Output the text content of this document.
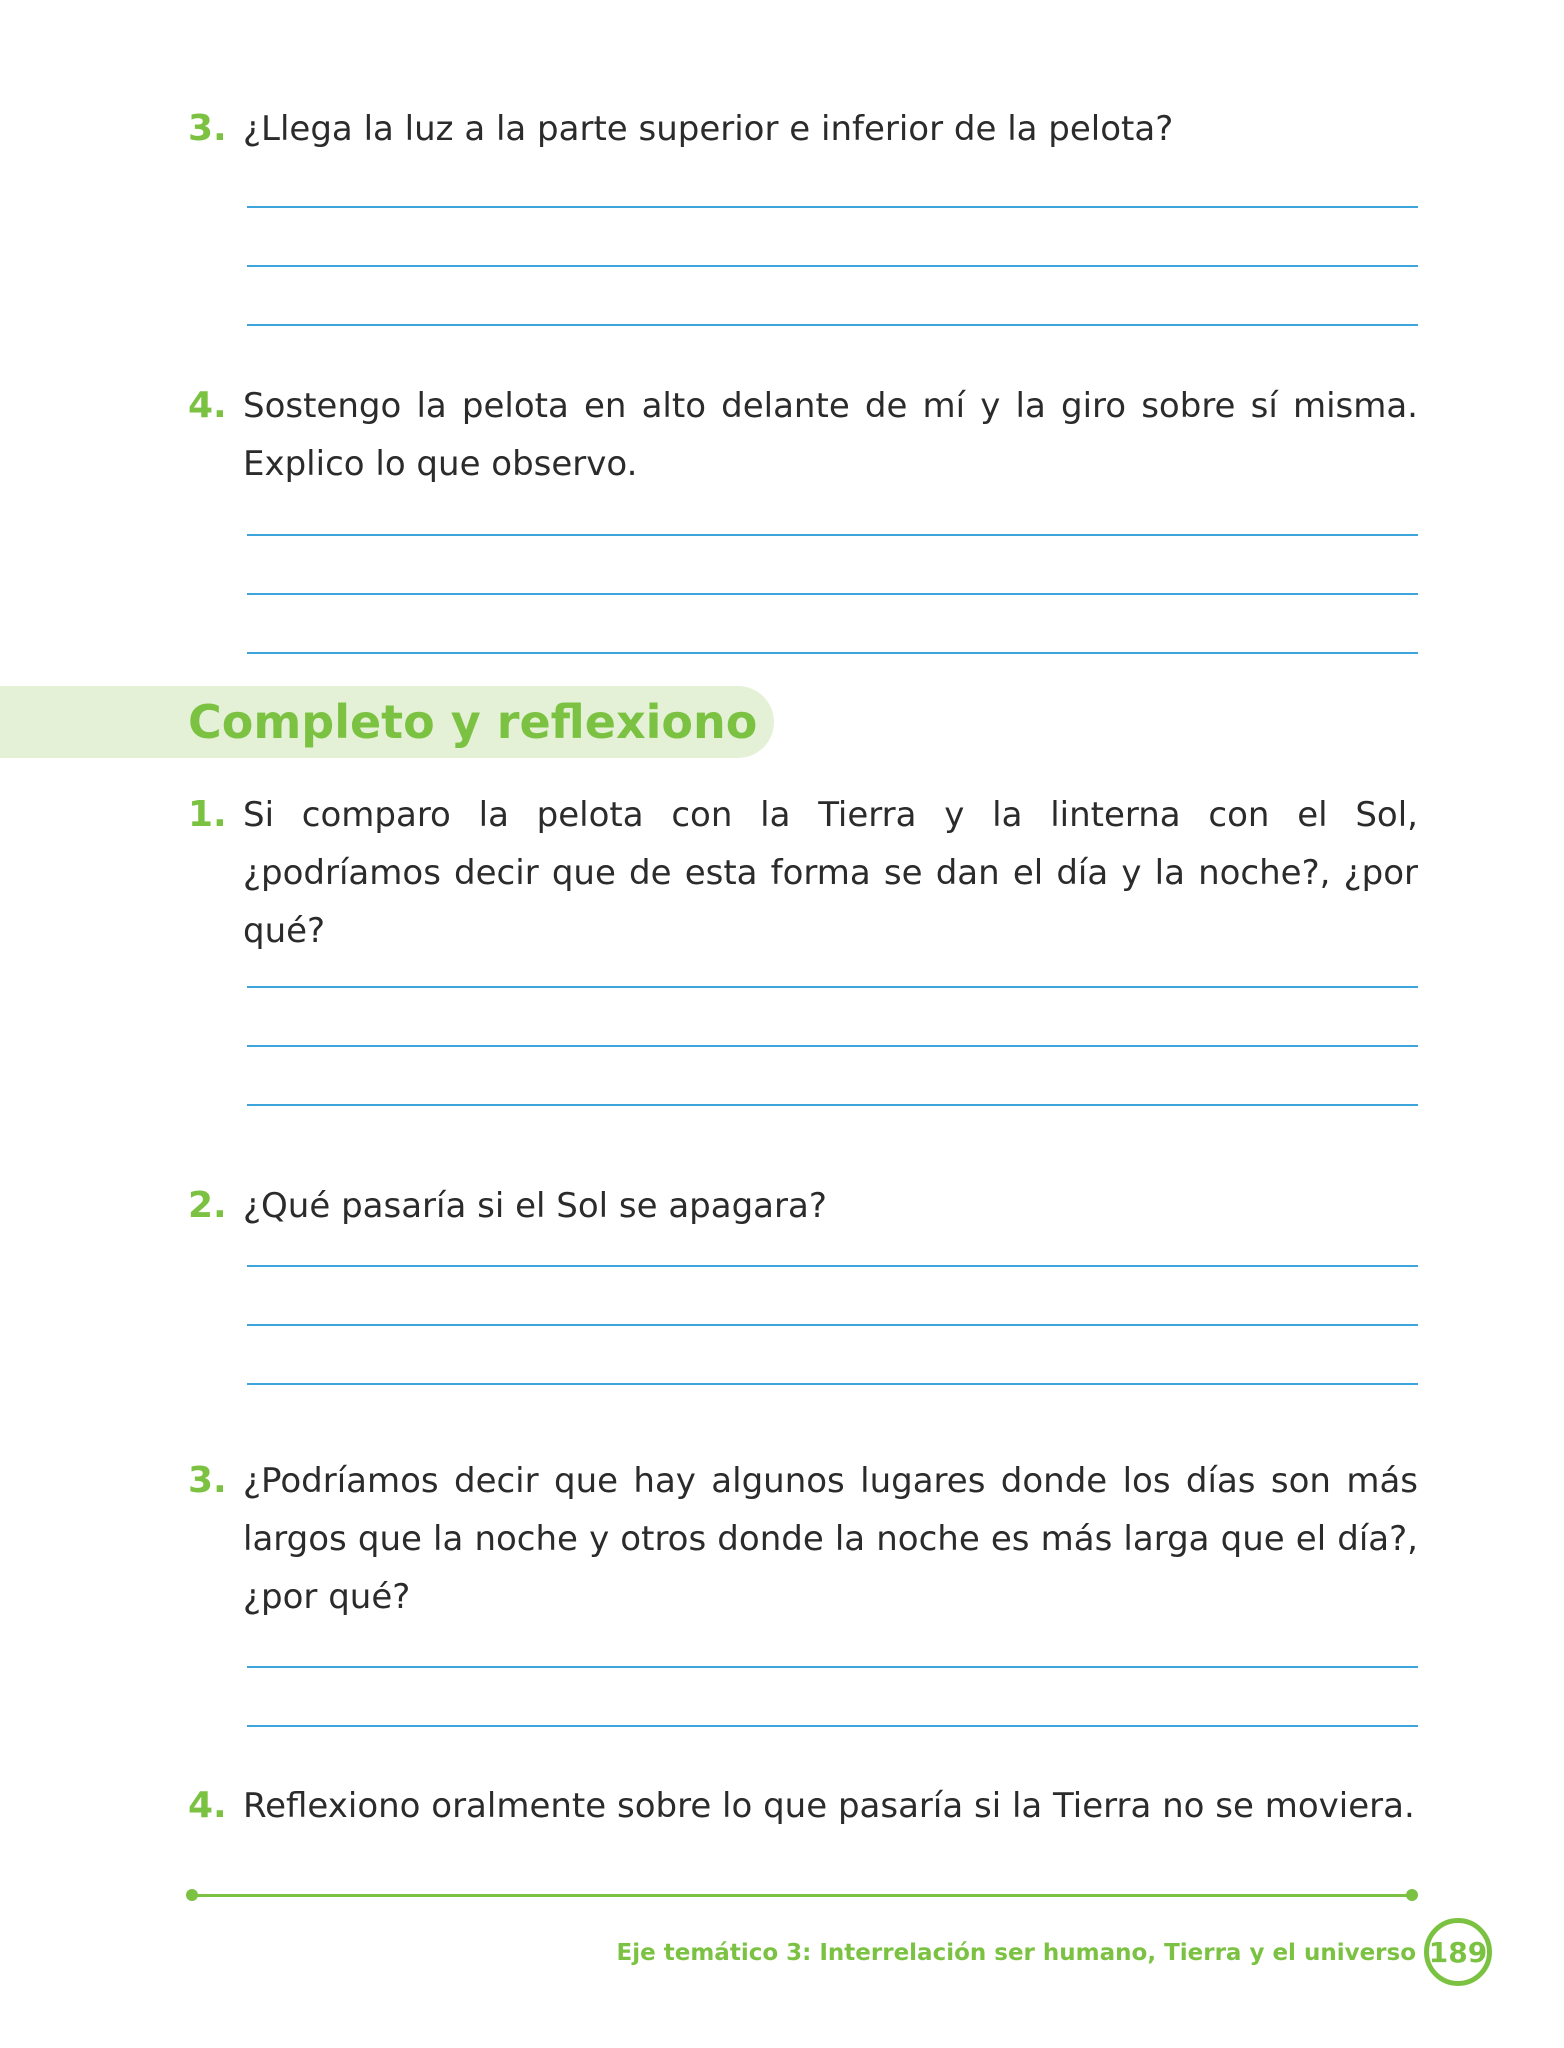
3. ¿Llega la luz a la parte superior e inferior de la pelota?

4. Sostengo la pelota en alto delante de mí y la giro sobre sí misma. Explico lo que observo.

Completo y reflexiono
1. Si comparo la pelota con la Tierra y la linterna con el Sol, ¿podríamos decir que de esta forma se dan el día y la noche?, ¿por qué?

2. ¿Qué pasaría si el Sol se apagara?

3. ¿Podríamos decir que hay algunos lugares donde los días son más largos que la noche y otros donde la noche es más larga que el día?, ¿por qué?

4. Reflexiono oralmente sobre lo que pasaría si la Tierra no se moviera.

Eje temático 3: Interrelación ser humano, Tierra y el universo 189
